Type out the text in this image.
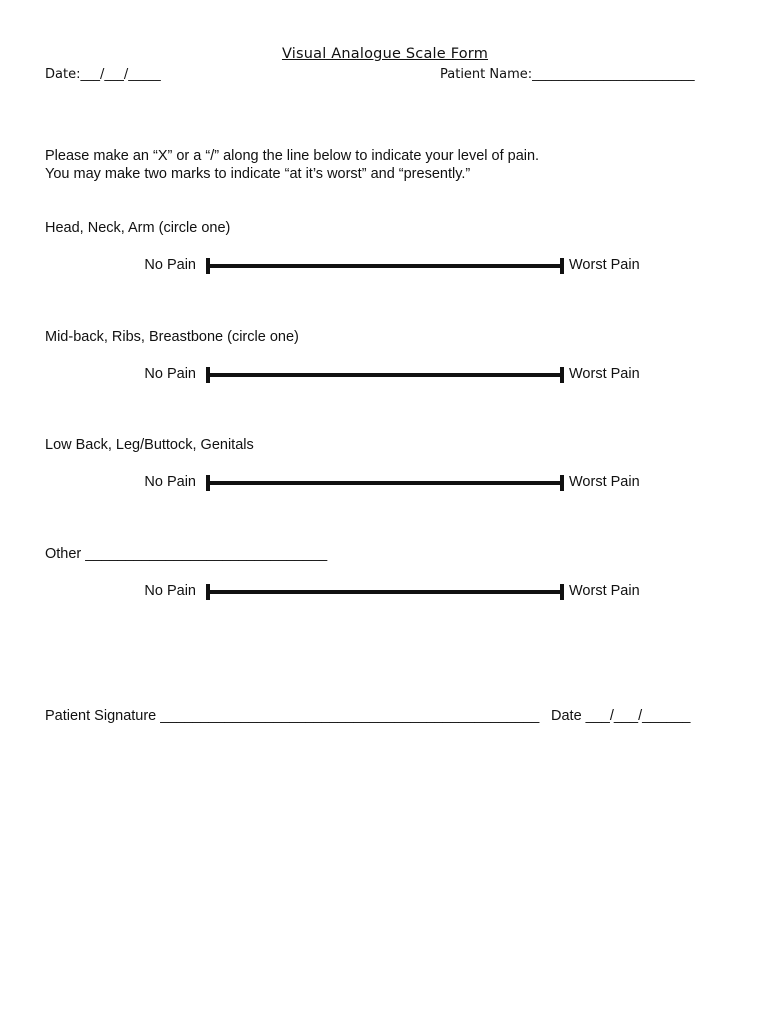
Visual Analogue Scale Form
Date:___/___/_____	Patient Name:_________________________
Please make an “X” or a “/” along the line below to indicate your level of pain.
You may make two marks to indicate “at it’s worst” and “presently.”
Head, Neck, Arm (circle one)
No Pain	Worst Pain
Mid-back, Ribs, Breastbone (circle one)
No Pain	Worst Pain
Low Back, Leg/Buttock, Genitals
No Pain	Worst Pain
Other ______________________________
No Pain	Worst Pain
Patient Signature _______________________________________________ Date ___/___/______
